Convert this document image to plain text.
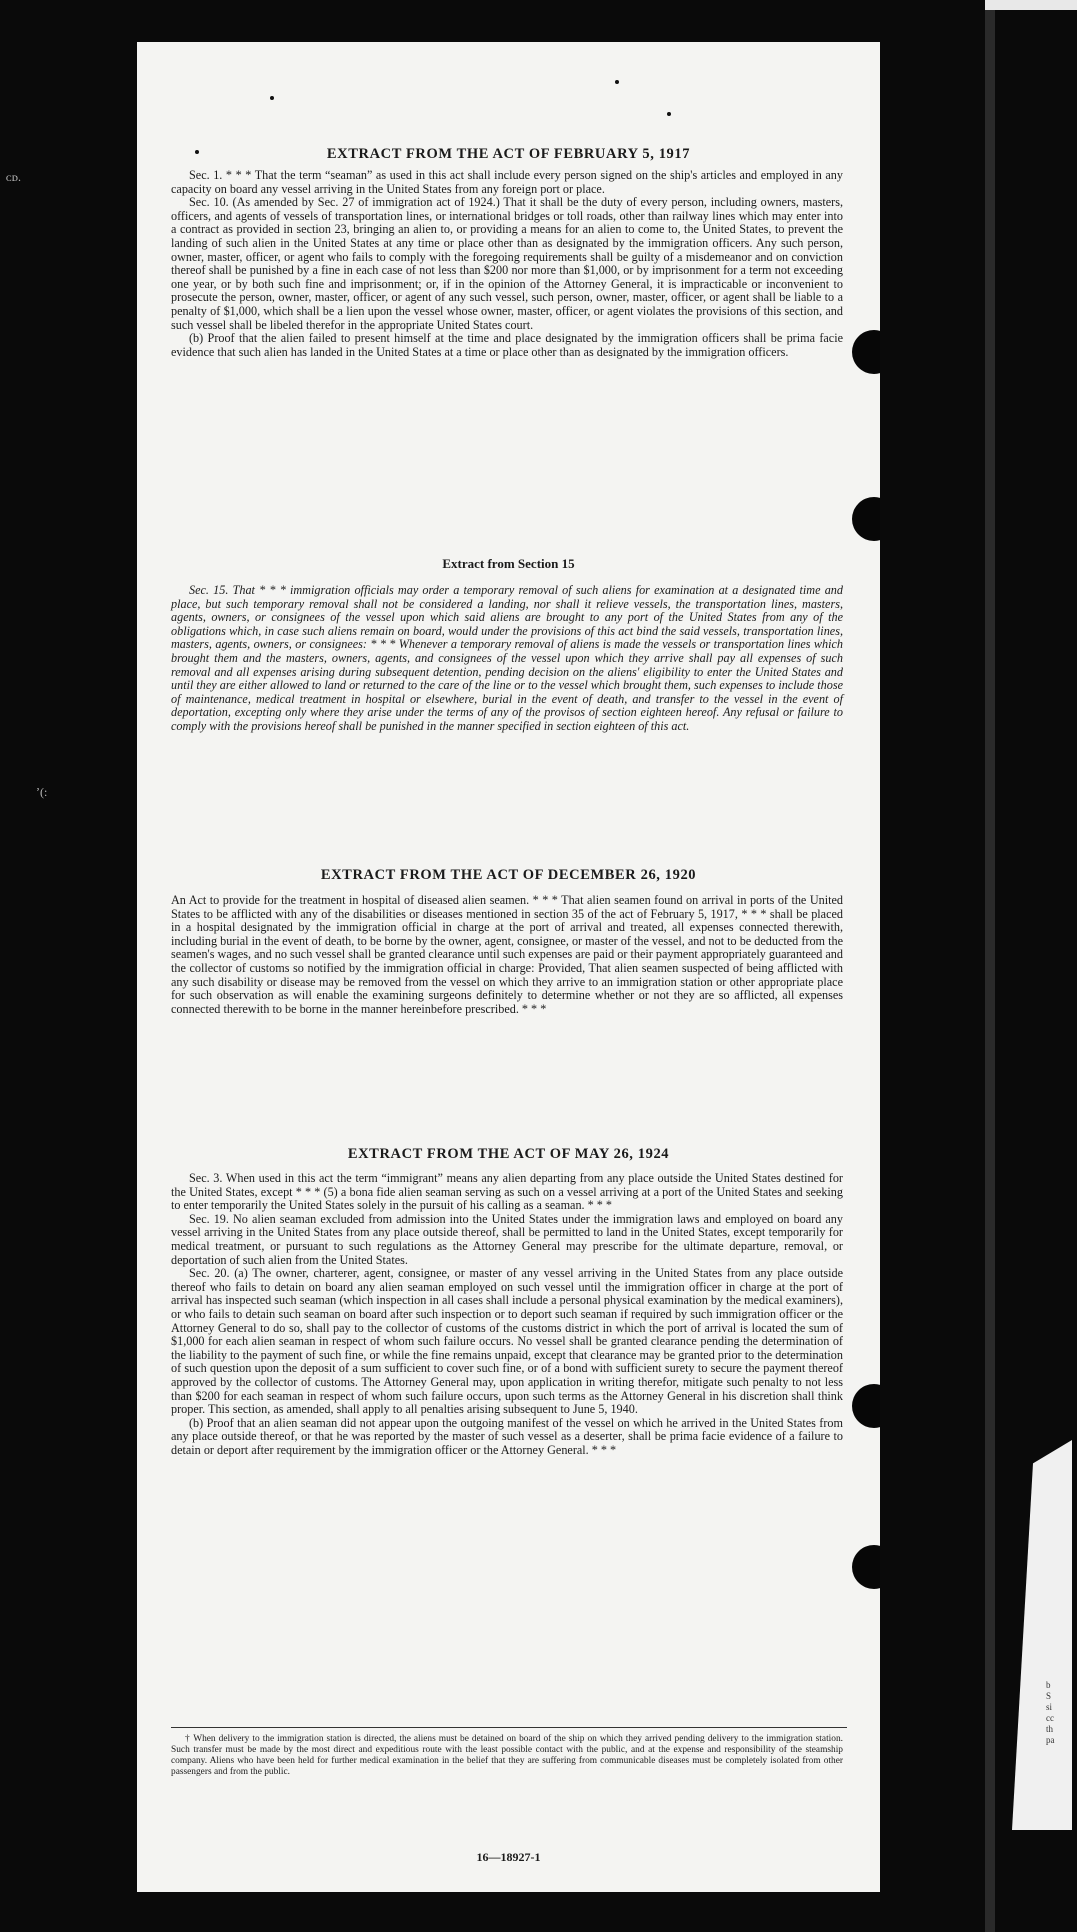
b
S
si
cc
th
pa
ᴄᴅ.
ʼ(:
EXTRACT FROM THE ACT OF FEBRUARY 5, 1917

Sec. 1. * * * That the term “seaman” as used in this act shall include every person signed on the ship's articles and employed in any capacity on board any vessel arriving in the United States from any foreign port or place.

Sec. 10. (As amended by Sec. 27 of immigration act of 1924.) That it shall be the duty of every person, including owners, masters, officers, and agents of vessels of transportation lines, or international bridges or toll roads, other than railway lines which may enter into a contract as provided in section 23, bringing an alien to, or providing a means for an alien to come to, the United States, to prevent the landing of such alien in the United States at any time or place other than as designated by the immigration officers. Any such person, owner, master, officer, or agent who fails to comply with the foregoing requirements shall be guilty of a misdemeanor and on conviction thereof shall be punished by a fine in each case of not less than $200 nor more than $1,000, or by imprisonment for a term not exceeding one year, or by both such fine and imprisonment; or, if in the opinion of the Attorney General, it is impracticable or inconvenient to prosecute the person, owner, master, officer, or agent of any such vessel, such person, owner, master, officer, or agent shall be liable to a penalty of $1,000, which shall be a lien upon the vessel whose owner, master, officer, or agent violates the provisions of this section, and such vessel shall be libeled therefor in the appropriate United States court.

(b) Proof that the alien failed to present himself at the time and place designated by the immigration officers shall be prima facie evidence that such alien has landed in the United States at a time or place other than as designated by the immigration officers.

Extract from Section 15

Sec. 15. That * * * immigration officials may order a temporary removal of such aliens for examination at a designated time and place, but such temporary removal shall not be considered a landing, nor shall it relieve vessels, the transportation lines, masters, agents, owners, or consignees of the vessel upon which said aliens are brought to any port of the United States from any of the obligations which, in case such aliens remain on board, would under the provisions of this act bind the said vessels, transportation lines, masters, agents, owners, or consignees: * * * Whenever a temporary removal of aliens is made the vessels or transportation lines which brought them and the masters, owners, agents, and consignees of the vessel upon which they arrive shall pay all expenses of such removal and all expenses arising during subsequent detention, pending decision on the aliens' eligibility to enter the United States and until they are either allowed to land or returned to the care of the line or to the vessel which brought them, such expenses to include those of maintenance, medical treatment in hospital or elsewhere, burial in the event of death, and transfer to the vessel in the event of deportation, excepting only where they arise under the terms of any of the provisos of section eighteen hereof. Any refusal or failure to comply with the provisions hereof shall be punished in the manner specified in section eighteen of this act.

EXTRACT FROM THE ACT OF DECEMBER 26, 1920

An Act to provide for the treatment in hospital of diseased alien seamen. * * * That alien seamen found on arrival in ports of the United States to be afflicted with any of the disabilities or diseases mentioned in section 35 of the act of February 5, 1917, * * * shall be placed in a hospital designated by the immigration official in charge at the port of arrival and treated, all expenses connected therewith, including burial in the event of death, to be borne by the owner, agent, consignee, or master of the vessel, and not to be deducted from the seamen's wages, and no such vessel shall be granted clearance until such expenses are paid or their payment appropriately guaranteed and the collector of customs so notified by the immigration official in charge: Provided, That alien seamen suspected of being afflicted with any such disability or disease may be removed from the vessel on which they arrive to an immigration station or other appropriate place for such observation as will enable the examining surgeons definitely to determine whether or not they are so afflicted, all expenses connected therewith to be borne in the manner hereinbefore prescribed. * * *

EXTRACT FROM THE ACT OF MAY 26, 1924

Sec. 3. When used in this act the term “immigrant” means any alien departing from any place outside the United States destined for the United States, except * * * (5) a bona fide alien seaman serving as such on a vessel arriving at a port of the United States and seeking to enter temporarily the United States solely in the pursuit of his calling as a seaman. * * *

Sec. 19. No alien seaman excluded from admission into the United States under the immigration laws and employed on board any vessel arriving in the United States from any place outside thereof, shall be permitted to land in the United States, except temporarily for medical treatment, or pursuant to such regulations as the Attorney General may prescribe for the ultimate departure, removal, or deportation of such alien from the United States.

Sec. 20. (a) The owner, charterer, agent, consignee, or master of any vessel arriving in the United States from any place outside thereof who fails to detain on board any alien seaman employed on such vessel until the immigration officer in charge at the port of arrival has inspected such seaman (which inspection in all cases shall include a personal physical examination by the medical examiners), or who fails to detain such seaman on board after such inspection or to deport such seaman if required by such immigration officer or the Attorney General to do so, shall pay to the collector of customs of the customs district in which the port of arrival is located the sum of $1,000 for each alien seaman in respect of whom such failure occurs. No vessel shall be granted clearance pending the determination of the liability to the payment of such fine, or while the fine remains unpaid, except that clearance may be granted prior to the determination of such question upon the deposit of a sum sufficient to cover such fine, or of a bond with sufficient surety to secure the payment thereof approved by the collector of customs. The Attorney General may, upon application in writing therefor, mitigate such penalty to not less than $200 for each seaman in respect of whom such failure occurs, upon such terms as the Attorney General in his discretion shall think proper. This section, as amended, shall apply to all penalties arising subsequent to June 5, 1940.

(b) Proof that an alien seaman did not appear upon the outgoing manifest of the vessel on which he arrived in the United States from any place outside thereof, or that he was reported by the master of such vessel as a deserter, shall be prima facie evidence of a failure to detain or deport after requirement by the immigration officer or the Attorney General. * * *

† When delivery to the immigration station is directed, the aliens must be detained on board of the ship on which they arrived pending delivery to the immigration station. Such transfer must be made by the most direct and expeditious route with the least possible contact with the public, and at the expense and responsibility of the steamship company. Aliens who have been held for further medical examination in the belief that they are suffering from communicable diseases must be completely isolated from other passengers and from the public.

16—18927-1
